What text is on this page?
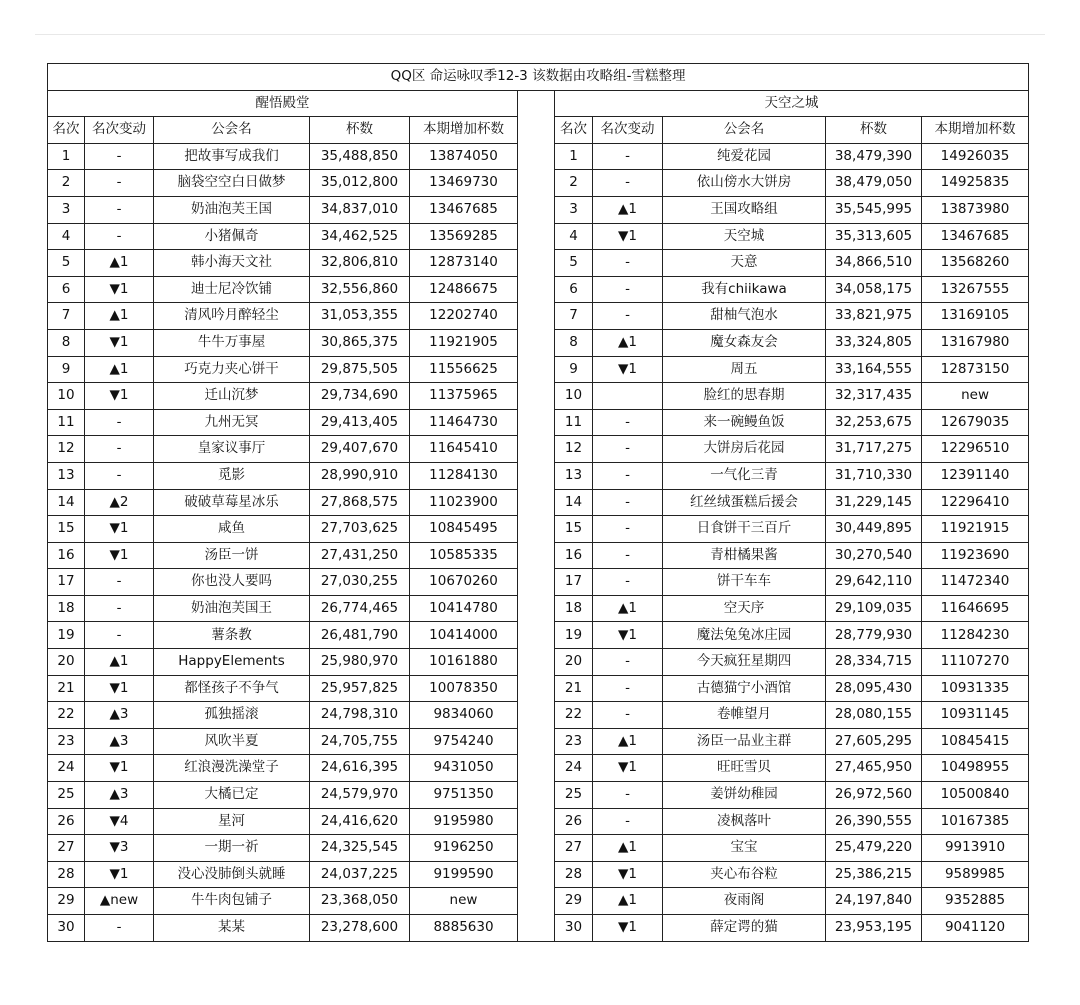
QQ区 命运咏叹季12-3 该数据由攻略组-雪糕整理										
醒悟殿堂						天空之城				
名次	名次变动	公会名	杯数	本期增加杯数		名次	名次变动	公会名	杯数	本期增加杯数
1	-	把故事写成我们	35,488,850	13874050		1	-	纯爱花园	38,479,390	14926035
2	-	脑袋空空白日做梦	35,012,800	13469730		2	-	依山傍水大饼房	38,479,050	14925835
3	-	奶油泡芙王国	34,837,010	13467685		3	▲1	王国攻略组	35,545,995	13873980
4	-	小猪佩奇	34,462,525	13569285		4	▼1	天空城	35,313,605	13467685
5	▲1	韩小海天文社	32,806,810	12873140		5	-	天意	34,866,510	13568260
6	▼1	迪士尼冷饮铺	32,556,860	12486675		6	-	我有chiikawa	34,058,175	13267555
7	▲1	清风吟月醉轻尘	31,053,355	12202740		7	-	甜柚气泡水	33,821,975	13169105
8	▼1	牛牛万事屋	30,865,375	11921905		8	▲1	魔女森友会	33,324,805	13167980
9	▲1	巧克力夹心饼干	29,875,505	11556625		9	▼1	周五	33,164,555	12873150
10	▼1	迁山沉梦	29,734,690	11375965		10		脸红的思春期	32,317,435	new
11	-	九州无冥	29,413,405	11464730		11	-	来一碗鳗鱼饭	32,253,675	12679035
12	-	皇家议事厅	29,407,670	11645410		12	-	大饼房后花园	31,717,275	12296510
13	-	觅影	28,990,910	11284130		13	-	一气化三青	31,710,330	12391140
14	▲2	破破草莓星冰乐	27,868,575	11023900		14	-	红丝绒蛋糕后援会	31,229,145	12296410
15	▼1	咸鱼	27,703,625	10845495		15	-	日食饼干三百斤	30,449,895	11921915
16	▼1	汤臣一饼	27,431,250	10585335		16	-	青柑橘果酱	30,270,540	11923690
17	-	你也没人要吗	27,030,255	10670260		17	-	饼干车车	29,642,110	11472340
18	-	奶油泡芙国王	26,774,465	10414780		18	▲1	空天序	29,109,035	11646695
19	-	薯条教	26,481,790	10414000		19	▼1	魔法兔兔冰庄园	28,779,930	11284230
20	▲1	HappyElements	25,980,970	10161880		20	-	今天疯狂星期四	28,334,715	11107270
21	▼1	都怪孩子不争气	25,957,825	10078350		21	-	古德猫宁小酒馆	28,095,430	10931335
22	▲3	孤独摇滚	24,798,310	9834060		22	-	卷帷望月	28,080,155	10931145
23	▲3	风吹半夏	24,705,755	9754240		23	▲1	汤臣一品业主群	27,605,295	10845415
24	▼1	红浪漫洗澡堂子	24,616,395	9431050		24	▼1	旺旺雪贝	27,465,950	10498955
25	▲3	大橘已定	24,579,970	9751350		25	-	姜饼幼稚园	26,972,560	10500840
26	▼4	星河	24,416,620	9195980		26	-	凌枫落叶	26,390,555	10167385
27	▼3	一期一祈	24,325,545	9196250		27	▲1	宝宝	25,479,220	9913910
28	▼1	没心没肺倒头就睡	24,037,225	9199590		28	▼1	夹心布谷粒	25,386,215	9589985
29	▲new	牛牛肉包铺子	23,368,050	new		29	▲1	夜雨阁	24,197,840	9352885
30	-	某某	23,278,600	8885630		30	▼1	薛定谔的猫	23,953,195	9041120
